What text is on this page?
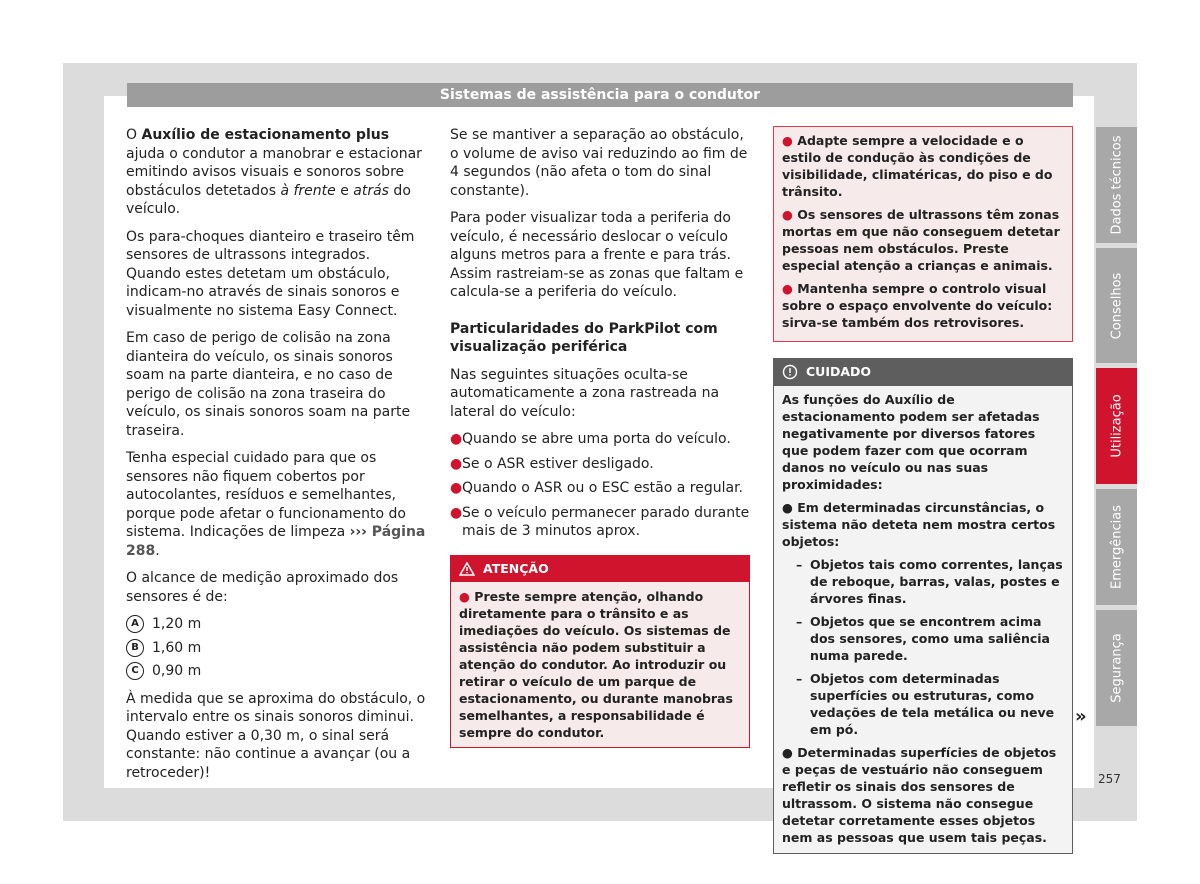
Sistemas de assistência para o condutor

O Auxílio de estacionamento plus ajuda o condutor a manobrar e estacionar emitindo avisos visuais e sonoros sobre obstáculos detetados à frente e atrás do veículo.

Os para-choques dianteiro e traseiro têm sensores de ultrassons integrados. Quando estes detetam um obstáculo, indicam-no através de sinais sonoros e visualmente no sistema Easy Connect.

Em caso de perigo de colisão na zona dianteira do veículo, os sinais sonoros soam na parte dianteira, e no caso de perigo de colisão na zona traseira do veículo, os sinais sonoros soam na parte traseira.

Tenha especial cuidado para que os sensores não fiquem cobertos por autocolantes, resíduos e semelhantes, porque pode afetar o funcionamento do sistema. Indicações de limpeza ››› Página 288.

O alcance de medição aproximado dos sensores é de:

A 1,20 m
B 1,60 m
C 0,90 m

À medida que se aproxima do obstáculo, o intervalo entre os sinais sonoros diminui. Quando estiver a 0,30 m, o sinal será constante: não continue a avançar (ou a retroceder)!

Se se mantiver a separação ao obstáculo, o volume de aviso vai reduzindo ao fim de 4 segundos (não afeta o tom do sinal constante).

Para poder visualizar toda a periferia do veículo, é necessário deslocar o veículo alguns metros para a frente e para trás. Assim rastreiam-se as zonas que faltam e calcula-se a periferia do veículo.

Particularidades do ParkPilot com visualização periférica

Nas seguintes situações oculta-se automaticamente a zona rastreada na lateral do veículo:

● Quando se abre uma porta do veículo.
● Se o ASR estiver desligado.
● Quando o ASR ou o ESC estão a regular.
● Se o veículo permanecer parado durante mais de 3 minutos aprox.
ATENÇÃO
● Preste sempre atenção, olhando diretamente para o trânsito e as imediações do veículo. Os sistemas de assistência não podem substituir a atenção do condutor. Ao introduzir ou retirar o veículo de um parque de estacionamento, ou durante manobras semelhantes, a responsabilidade é sempre do condutor.

● Adapte sempre a velocidade e o estilo de condução às condições de visibilidade, climatéricas, do piso e do trânsito.

● Os sensores de ultrassons têm zonas mortas em que não conseguem detetar pessoas nem obstáculos. Preste especial atenção a crianças e animais.

● Mantenha sempre o controlo visual sobre o espaço envolvente do veículo: sirva-se também dos retrovisores.

CUIDADO

As funções do Auxílio de estacionamento podem ser afetadas negativamente por diversos fatores que podem fazer com que ocorram danos no veículo ou nas suas proximidades:

● Em determinadas circunstâncias, o sistema não deteta nem mostra certos objetos:

– Objetos tais como correntes, lanças de reboque, barras, valas, postes e árvores finas.
– Objetos que se encontrem acima dos sensores, como uma saliência numa parede.
– Objetos com determinadas superfícies ou estruturas, como vedações de tela metálica ou neve em pó.

● Determinadas superfícies de objetos e peças de vestuário não conseguem refletir os sinais dos sensores de ultrassom. O sistema não consegue detetar corretamente esses objetos nem as pessoas que usem tais peças.

»
Dados técnicos
Conselhos
Utilização
Emergências
Segurança
257
